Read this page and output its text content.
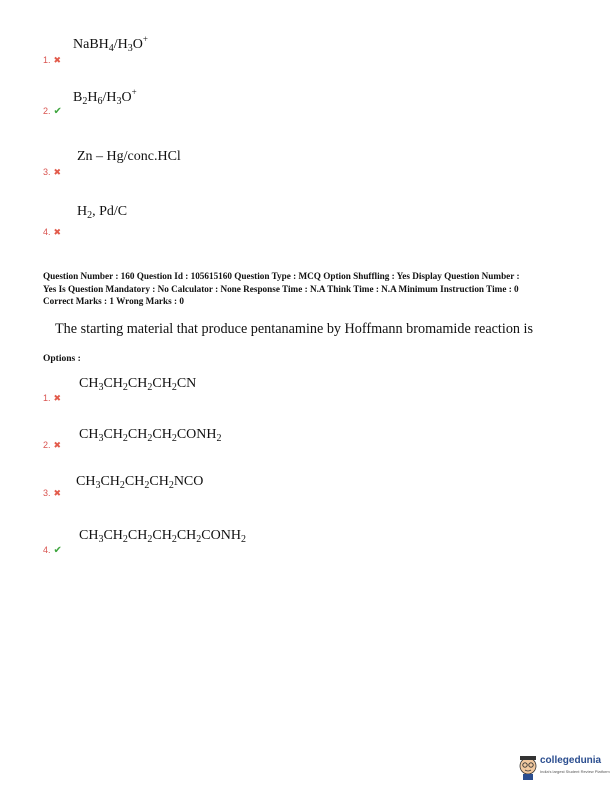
$NaBH_4/H_3O^+$
1. ✖
$B_2H_6/H_3O^+$
2. ✔
Zn – Hg/conc.HCl
3. ✖
$H_2$, Pd/C
4. ✖
Question Number : 160 Question Id : 105615160 Question Type : MCQ Option Shuffling : Yes Display Question Number :
Yes Is Question Mandatory : No Calculator : None Response Time : N.A Think Time : N.A Minimum Instruction Time : 0
Correct Marks : 1 Wrong Marks : 0
The starting material that produce pentanamine by Hoffmann bromamide reaction is
Options :
$CH_3CH_2CH_2CH_2CN$
1. ✖
$CH_3CH_2CH_2CH_2CONH_2$
2. ✖
$CH_3CH_2CH_2CH_2NCO$
3. ✖
$CH_3CH_2CH_2CH_2CH_2CONH_2$
4. ✔
collegedunia
India's largest Student Review Platform
